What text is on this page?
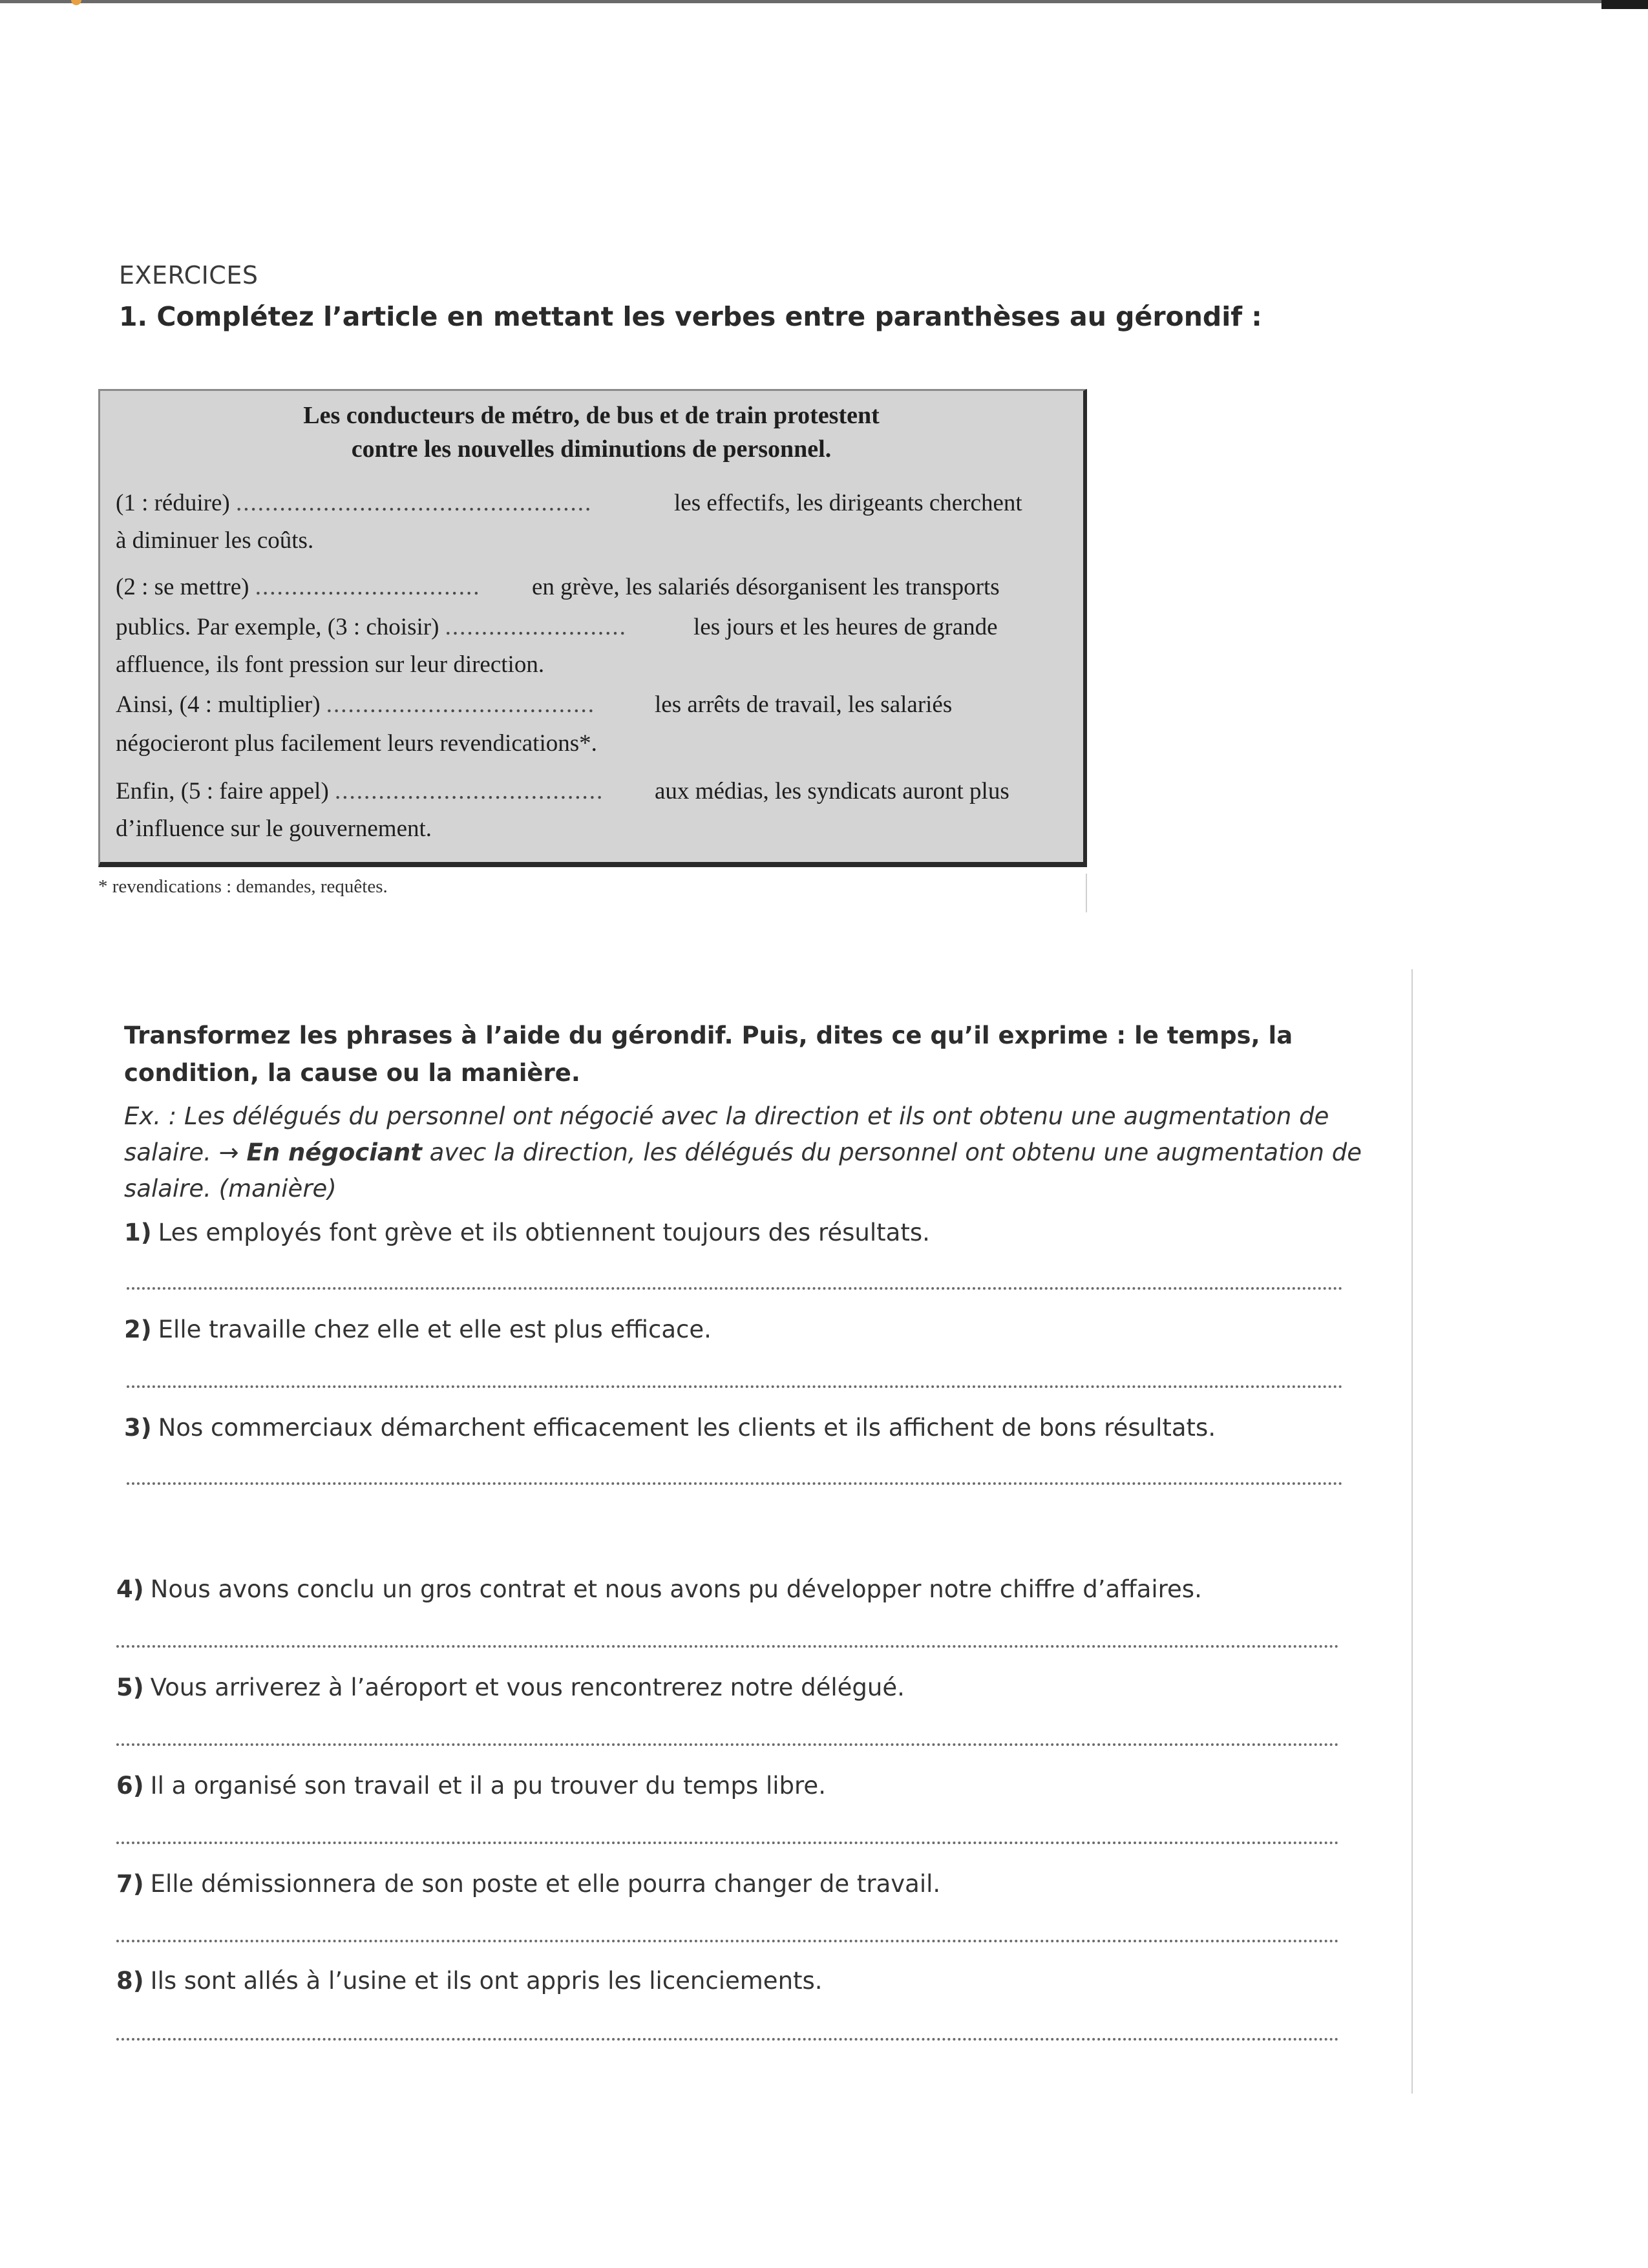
EXERCICES
1. Complétez l’article en mettant les verbes entre paranthèses au gérondif :
Les conducteurs de métro, de bus et de train protestent
contre les nouvelles diminutions de personnel.
(1 : réduire) .................................................	les effectifs, les dirigeants cherchent
à diminuer les coûts.
(2 : se mettre) ............................... en grève, les salariés désorganisent les transports
publics. Par exemple, (3 : choisir) .........................	les jours et les heures de grande
affluence, ils font pression sur leur direction.
Ainsi, (4 : multiplier) ..................................... les arrêts de travail, les salariés
négocieront plus facilement leurs revendications*.
Enfin, (5 : faire appel) ..................................... aux médias, les syndicats auront plus
d’influence sur le gouvernement.
* revendications : demandes, requêtes.
Transformez les phrases à l’aide du gérondif. Puis, dites ce qu’il exprime : le temps, la condition, la cause ou la manière.
Ex. : Les délégués du personnel ont négocié avec la direction et ils ont obtenu une augmentation de salaire. → En négociant avec la direction, les délégués du personnel ont obtenu une augmentation de salaire. (manière)
1) Les employés font grève et ils obtiennent toujours des résultats.
2) Elle travaille chez elle et elle est plus efficace.
3) Nos commerciaux démarchent efficacement les clients et ils affichent de bons résultats.
4) Nous avons conclu un gros contrat et nous avons pu développer notre chiffre d’affaires.
5) Vous arriverez à l’aéroport et vous rencontrerez notre délégué.
6) Il a organisé son travail et il a pu trouver du temps libre.
7) Elle démissionnera de son poste et elle pourra changer de travail.
8) Ils sont allés à l’usine et ils ont appris les licenciements.
